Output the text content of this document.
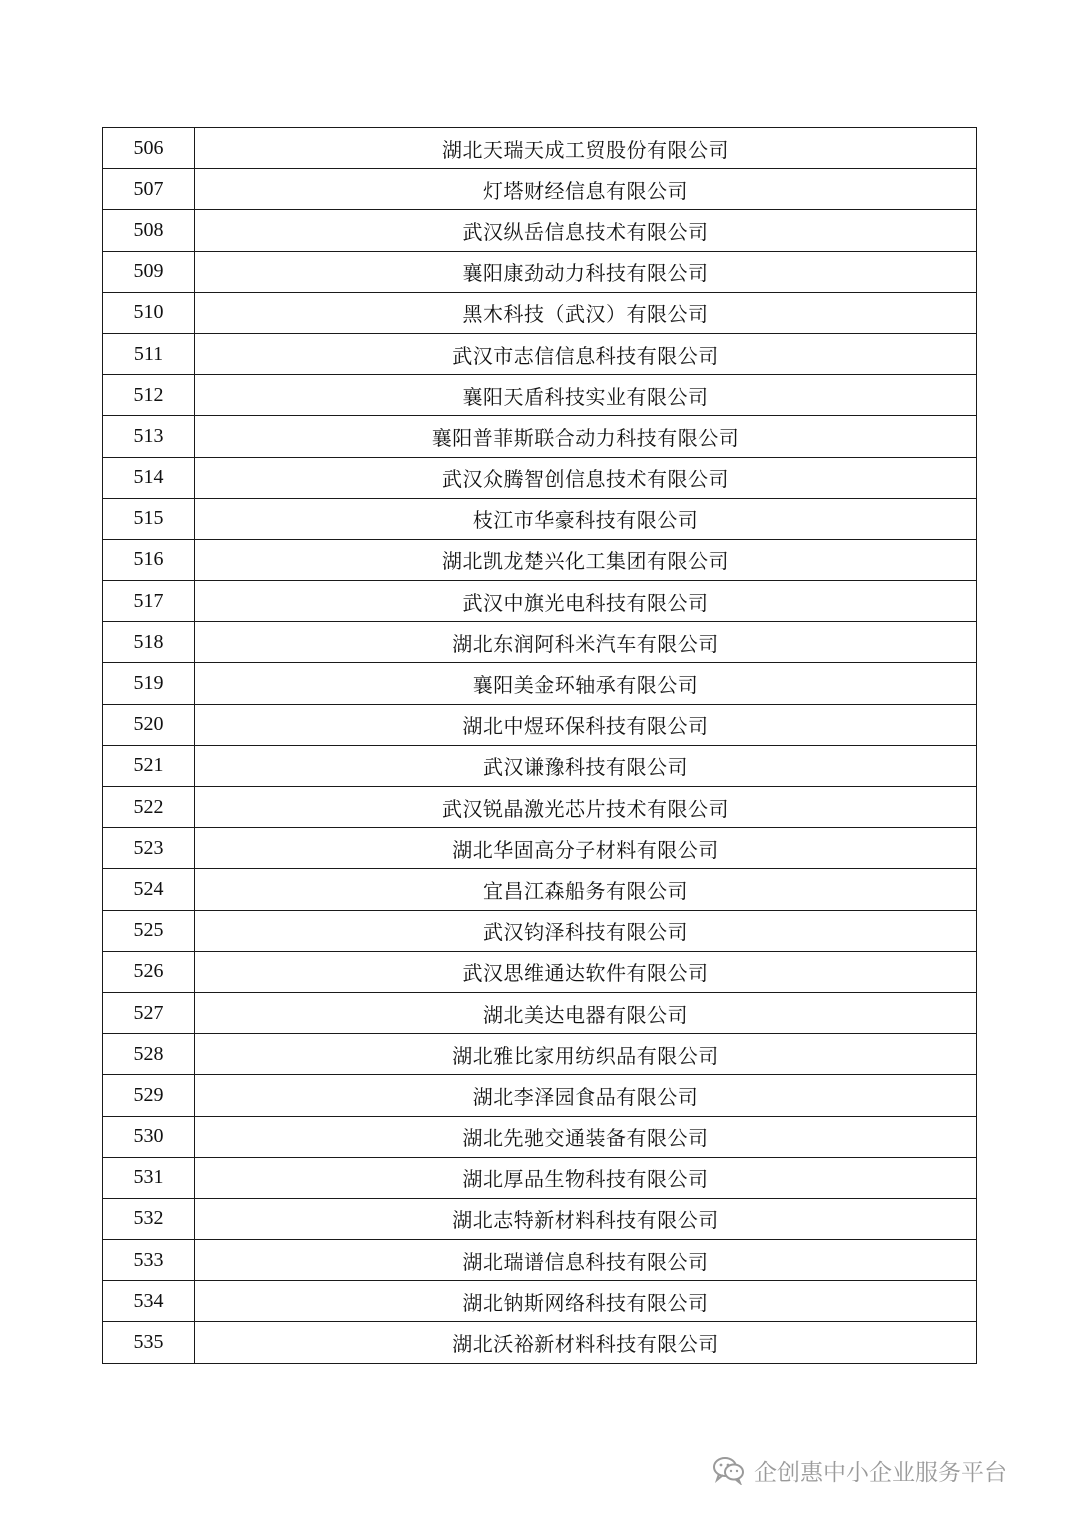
506	湖北天瑞天成工贸股份有限公司
507	灯塔财经信息有限公司
508	武汉纵岳信息技术有限公司
509	襄阳康劲动力科技有限公司
510	黑木科技（武汉）有限公司
511	武汉市志信信息科技有限公司
512	襄阳天盾科技实业有限公司
513	襄阳普菲斯联合动力科技有限公司
514	武汉众腾智创信息技术有限公司
515	枝江市华豪科技有限公司
516	湖北凯龙楚兴化工集团有限公司
517	武汉中旗光电科技有限公司
518	湖北东润阿科米汽车有限公司
519	襄阳美金环轴承有限公司
520	湖北中煜环保科技有限公司
521	武汉谦豫科技有限公司
522	武汉锐晶激光芯片技术有限公司
523	湖北华固高分子材料有限公司
524	宜昌江森船务有限公司
525	武汉钧泽科技有限公司
526	武汉思维通达软件有限公司
527	湖北美达电器有限公司
528	湖北雅比家用纺织品有限公司
529	湖北李泽园食品有限公司
530	湖北先驰交通装备有限公司
531	湖北厚品生物科技有限公司
532	湖北志特新材料科技有限公司
533	湖北瑞谱信息科技有限公司
534	湖北钠斯网络科技有限公司
535	湖北沃裕新材料科技有限公司
企创惠中小企业服务平台
